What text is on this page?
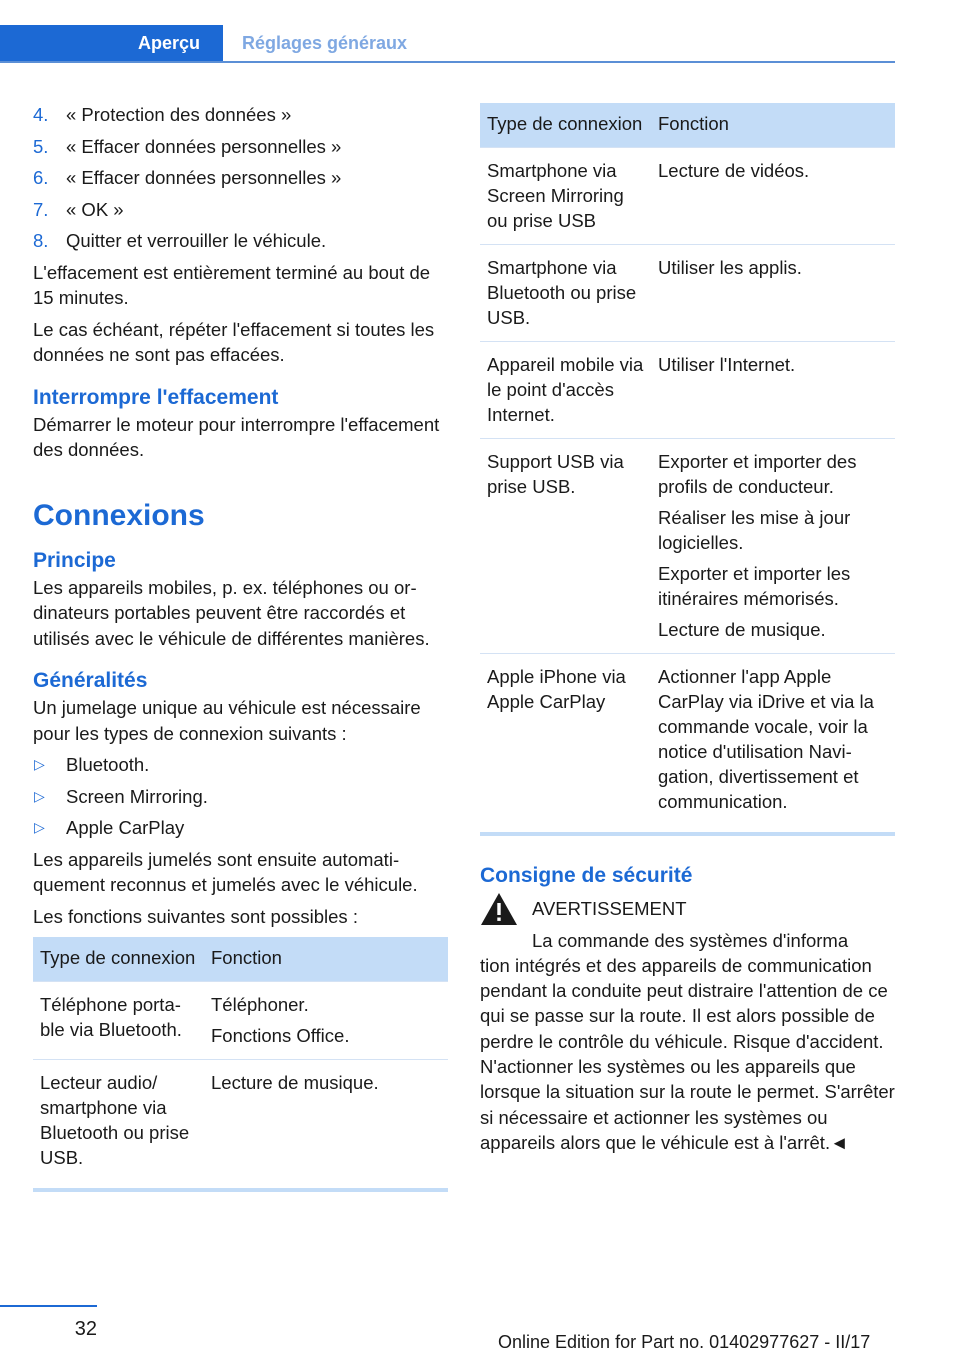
Aperçu	Réglages généraux
4. « Protection des données »
5. « Effacer données personnelles »
6. « Effacer données personnelles »
7. « OK »
8. Quitter et verrouiller le véhicule.

L'effacement est entièrement terminé au bout de 15 minutes.

Le cas échéant, répéter l'effacement si toutes les données ne sont pas effacées.

Interrompre l'effacement

Démarrer le moteur pour interrompre l'effacement des données.

Connexions
Principe

Les appareils mobiles, p. ex. téléphones ou ordinateurs portables peuvent être raccordés et utilisés avec le véhicule de différentes manières.

Généralités

Un jumelage unique au véhicule est nécessaire pour les types de connexion suivants :

▷ Bluetooth.
▷ Screen Mirroring.
▷ Apple CarPlay

Les appareils jumelés sont ensuite automatiquement reconnus et jumelés avec le véhicule.

Les fonctions suivantes sont possibles :

Type de connexion	Fonction
Téléphone portable via Bluetooth.	Téléphoner.
Fonctions Office.

Lecteur audio/ smartphone via Bluetooth ou prise USB.	Lecture de musique.
Type de connexion	Fonction
Smartphone via Screen Mirroring ou prise USB	Lecture de vidéos.

Smartphone via Bluetooth ou prise USB.	Utiliser les applis.

Appareil mobile via le point d'accès Internet.	Utiliser l'Internet.

Support USB via prise USB.	Exporter et importer des profils de conducteur.
Réaliser les mise à jour logicielles.
Exporter et importer les itinéraires mémorisés.
Lecture de musique.

Apple iPhone via Apple CarPlay	Actionner l'app Apple CarPlay via iDrive et via la commande vocale, voir la notice d'utilisation Navigation, divertissement et communication.
Consigne de sécurité
AVERTISSEMENT
La commande des systèmes d'informa
tion intégrés et des appareils de communication pendant la conduite peut distraire l'attention de ce qui se passe sur la route. Il est alors possible de perdre le contrôle du véhicule. Risque d'accident. N'actionner les systèmes ou les appareils que lorsque la situation sur la route le permet. S'arrêter si nécessaire et actionner les systèmes ou appareils alors que le véhicule est à l'arrêt.◄
32
Online Edition for Part no. 01402977627 - II/17
